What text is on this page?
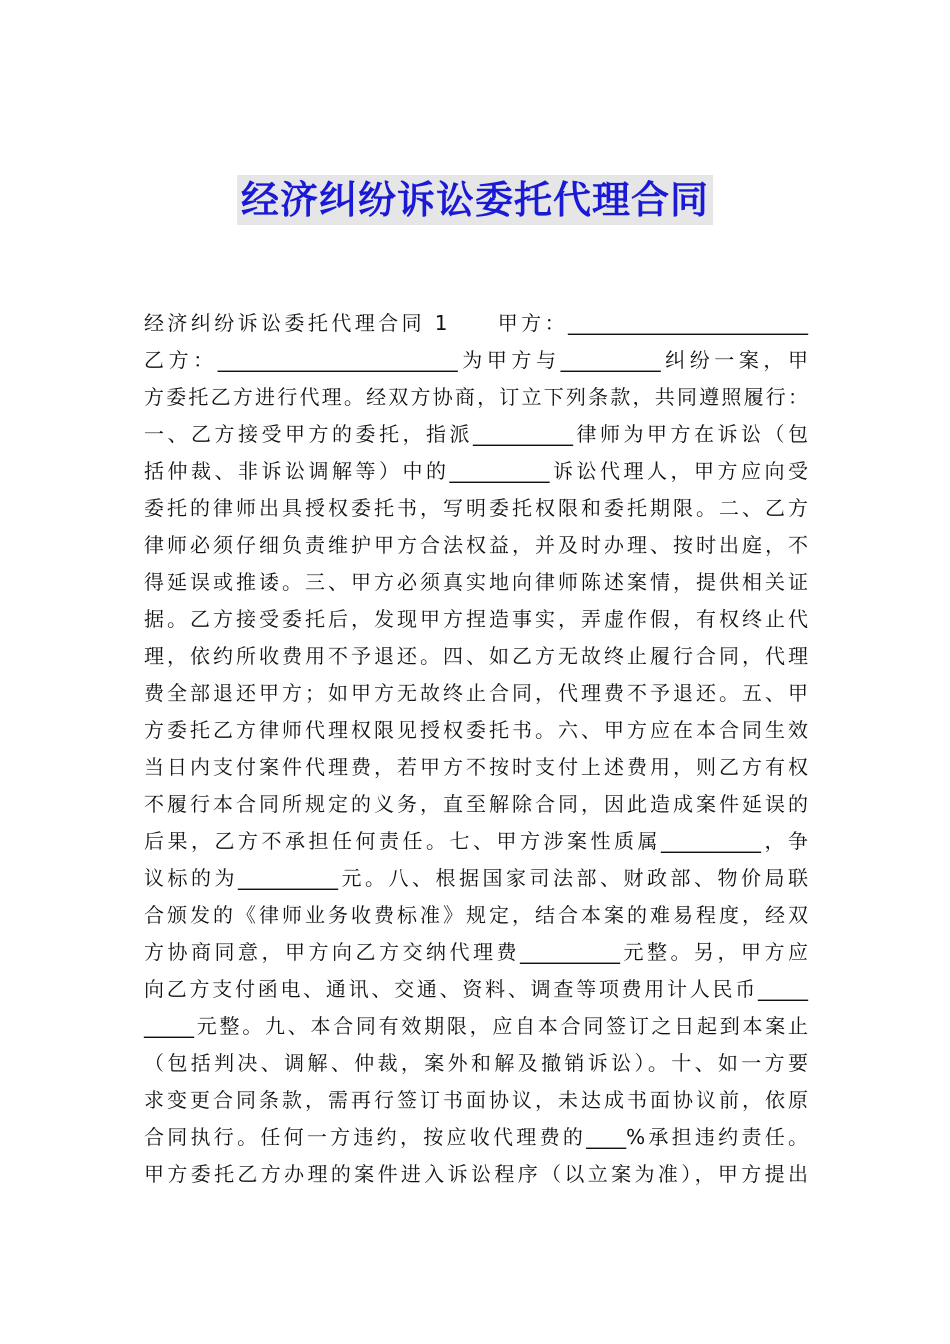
经济纠纷诉讼委托代理合同
经济纠纷诉讼委托代理合同 1　　甲方：________________________
乙方：________________________为甲方与__________纠纷一案，甲
方委托乙方进行代理。经双方协商，订立下列条款，共同遵照履行：
一、乙方接受甲方的委托，指派__________律师为甲方在诉讼（包
括仲裁、非诉讼调解等）中的__________诉讼代理人，甲方应向受
委托的律师出具授权委托书，写明委托权限和委托期限。二、乙方
律师必须仔细负责维护甲方合法权益，并及时办理、按时出庭，不
得延误或推诿。三、甲方必须真实地向律师陈述案情，提供相关证
据。乙方接受委托后，发现甲方捏造事实，弄虚作假，有权终止代
理，依约所收费用不予退还。四、如乙方无故终止履行合同，代理
费全部退还甲方；如甲方无故终止合同，代理费不予退还。五、甲
方委托乙方律师代理权限见授权委托书。六、甲方应在本合同生效
当日内支付案件代理费，若甲方不按时支付上述费用，则乙方有权
不履行本合同所规定的义务，直至解除合同，因此造成案件延误的
后果，乙方不承担任何责任。七、甲方涉案性质属__________，争
议标的为__________元。八、根据国家司法部、财政部、物价局联
合颁发的《律师业务收费标准》规定，结合本案的难易程度，经双
方协商同意，甲方向乙方交纳代理费__________元整。另，甲方应
向乙方支付函电、通讯、交通、资料、调查等项费用计人民币_____
_____元整。九、本合同有效期限，应自本合同签订之日起到本案止
（包括判决、调解、仲裁，案外和解及撤销诉讼）。十、如一方要
求变更合同条款，需再行签订书面协议，未达成书面协议前，依原
合同执行。任何一方违约，按应收代理费的____%承担违约责任。
甲方委托乙方办理的案件进入诉讼程序（以立案为准），甲方提出
